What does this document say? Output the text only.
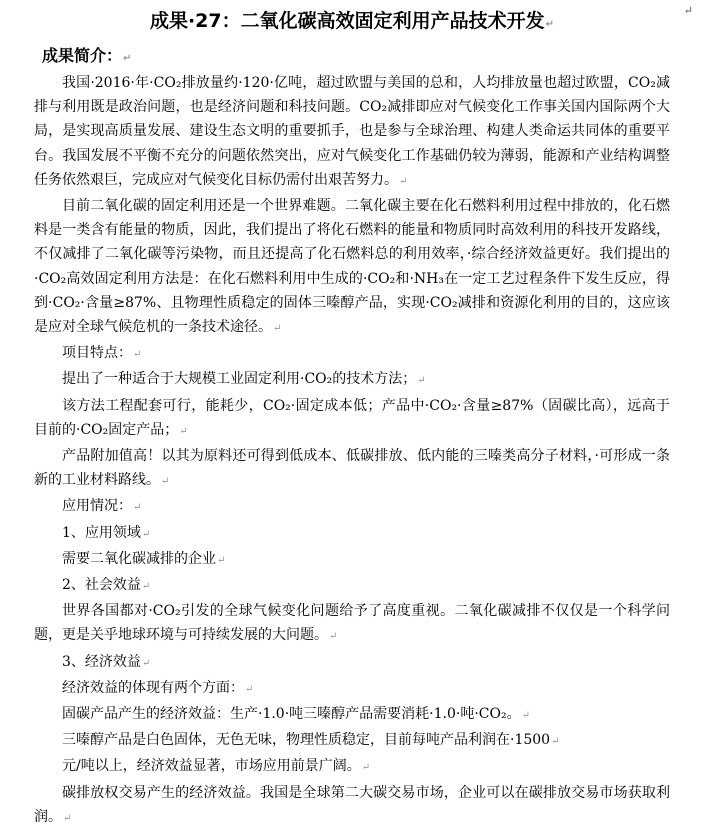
↵
成果·27：二氧化碳高效固定利用产品技术开发↵
成果简介：↵

我国·2016·年·CO₂排放量约·120·亿吨，超过欧盟与美国的总和，人均排放量也超过欧盟，CO₂减排与利用既是政治问题，也是经济问题和科技问题。CO₂减排即应对气候变化工作事关国内国际两个大局，是实现高质量发展、建设生态文明的重要抓手，也是参与全球治理、构建人类命运共同体的重要平台。我国发展不平衡不充分的问题依然突出，应对气候变化工作基础仍较为薄弱，能源和产业结构调整任务依然艰巨，完成应对气候变化目标仍需付出艰苦努力。↵

目前二氧化碳的固定利用还是一个世界难题。二氧化碳主要在化石燃料利用过程中排放的，化石燃料是一类含有能量的物质，因此，我们提出了将化石燃料的能量和物质同时高效利用的科技开发路线，不仅减排了二氧化碳等污染物，而且还提高了化石燃料总的利用效率，·综合经济效益更好。我们提出的·CO₂高效固定利用方法是：在化石燃料利用中生成的·CO₂和·NH₃在一定工艺过程条件下发生反应，得到·CO₂·含量≥87%、且物理性质稳定的固体三嗪醇产品，实现·CO₂减排和资源化利用的目的，这应该是应对全球气候危机的一条技术途径。↵

项目特点：↵

提出了一种适合于大规模工业固定利用·CO₂的技术方法；↵

该方法工程配套可行，能耗少，CO₂·固定成本低；产品中·CO₂·含量≥87%（固碳比高），远高于目前的·CO₂固定产品；↵

产品附加值高！以其为原料还可得到低成本、低碳排放、低内能的三嗪类高分子材料，·可形成一条新的工业材料路线。↵

应用情况：↵

1、应用领域↵

需要二氧化碳减排的企业↵

2、社会效益↵

世界各国都对·CO₂引发的全球气候变化问题给予了高度重视。二氧化碳减排不仅仅是一个科学问题，更是关乎地球环境与可持续发展的大问题。↵

3、经济效益↵

经济效益的体现有两个方面：↵

固碳产品产生的经济效益：生产·1.0·吨三嗪醇产品需要消耗·1.0·吨·CO₂。↵

三嗪醇产品是白色固体，无色无味，物理性质稳定，目前每吨产品利润在·1500↵

元/吨以上，经济效益显著，市场应用前景广阔。↵

碳排放权交易产生的经济效益。我国是全球第二大碳交易市场，企业可以在碳排放交易市场获取利润。↵
